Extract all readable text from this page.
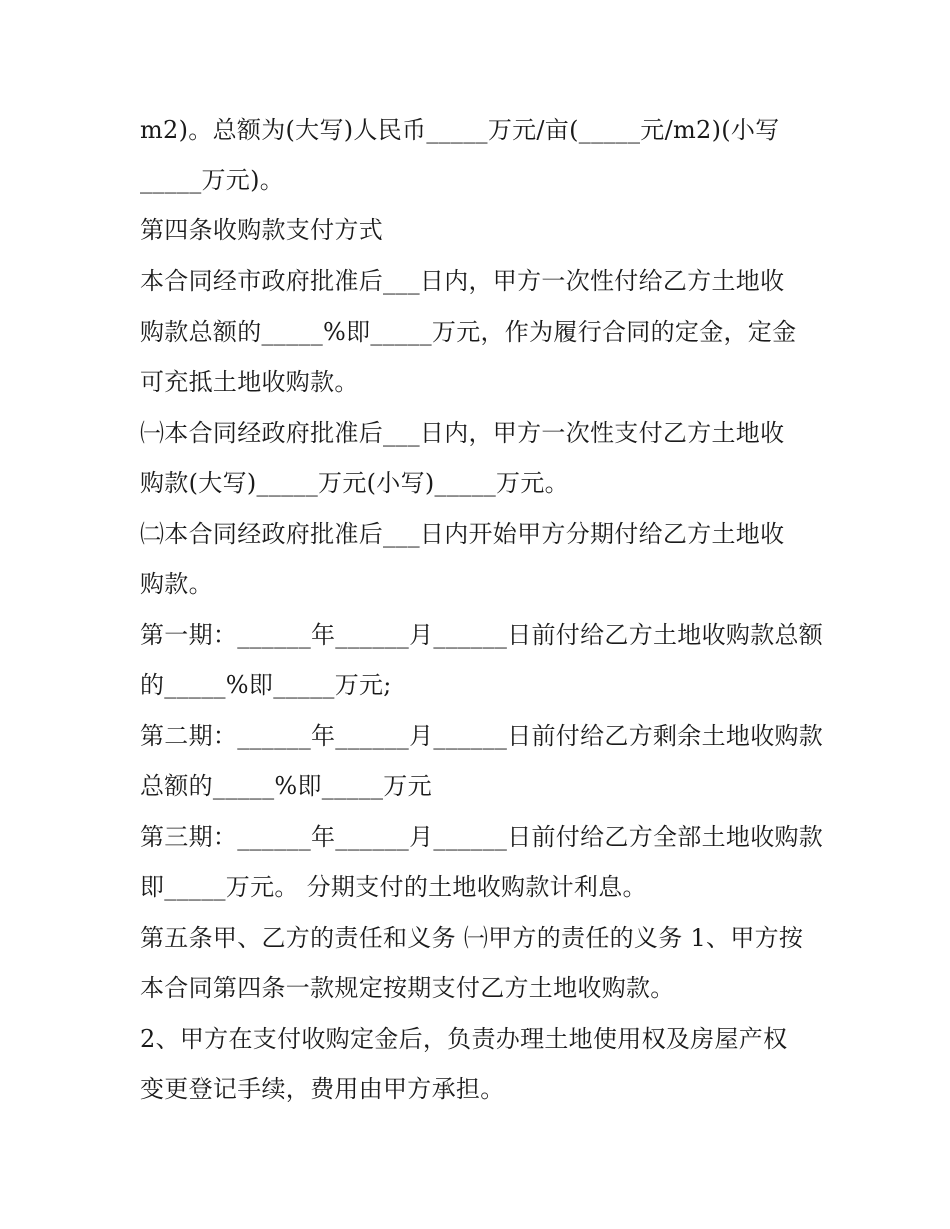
m2)。总额为(大写)人民币_____万元/亩(_____元/m2)(小写
_____万元)。
第四条收购款支付方式
本合同经市政府批准后___日内，甲方一次性付给乙方土地收
购款总额的_____%即_____万元，作为履行合同的定金，定金
可充抵土地收购款。
㈠本合同经政府批准后___日内，甲方一次性支付乙方土地收
购款(大写)_____万元(小写)_____万元。
㈡本合同经政府批准后___日内开始甲方分期付给乙方土地收
购款。
第一期：______年______月______日前付给乙方土地收购款总额
的_____%即_____万元;
第二期：______年______月______日前付给乙方剩余土地收购款
总额的_____%即_____万元
第三期：______年______月______日前付给乙方全部土地收购款
即_____万元。 分期支付的土地收购款计利息。
第五条甲、乙方的责任和义务 ㈠甲方的责任的义务 1、甲方按
本合同第四条一款规定按期支付乙方土地收购款。
2、甲方在支付收购定金后，负责办理土地使用权及房屋产权
变更登记手续，费用由甲方承担。
